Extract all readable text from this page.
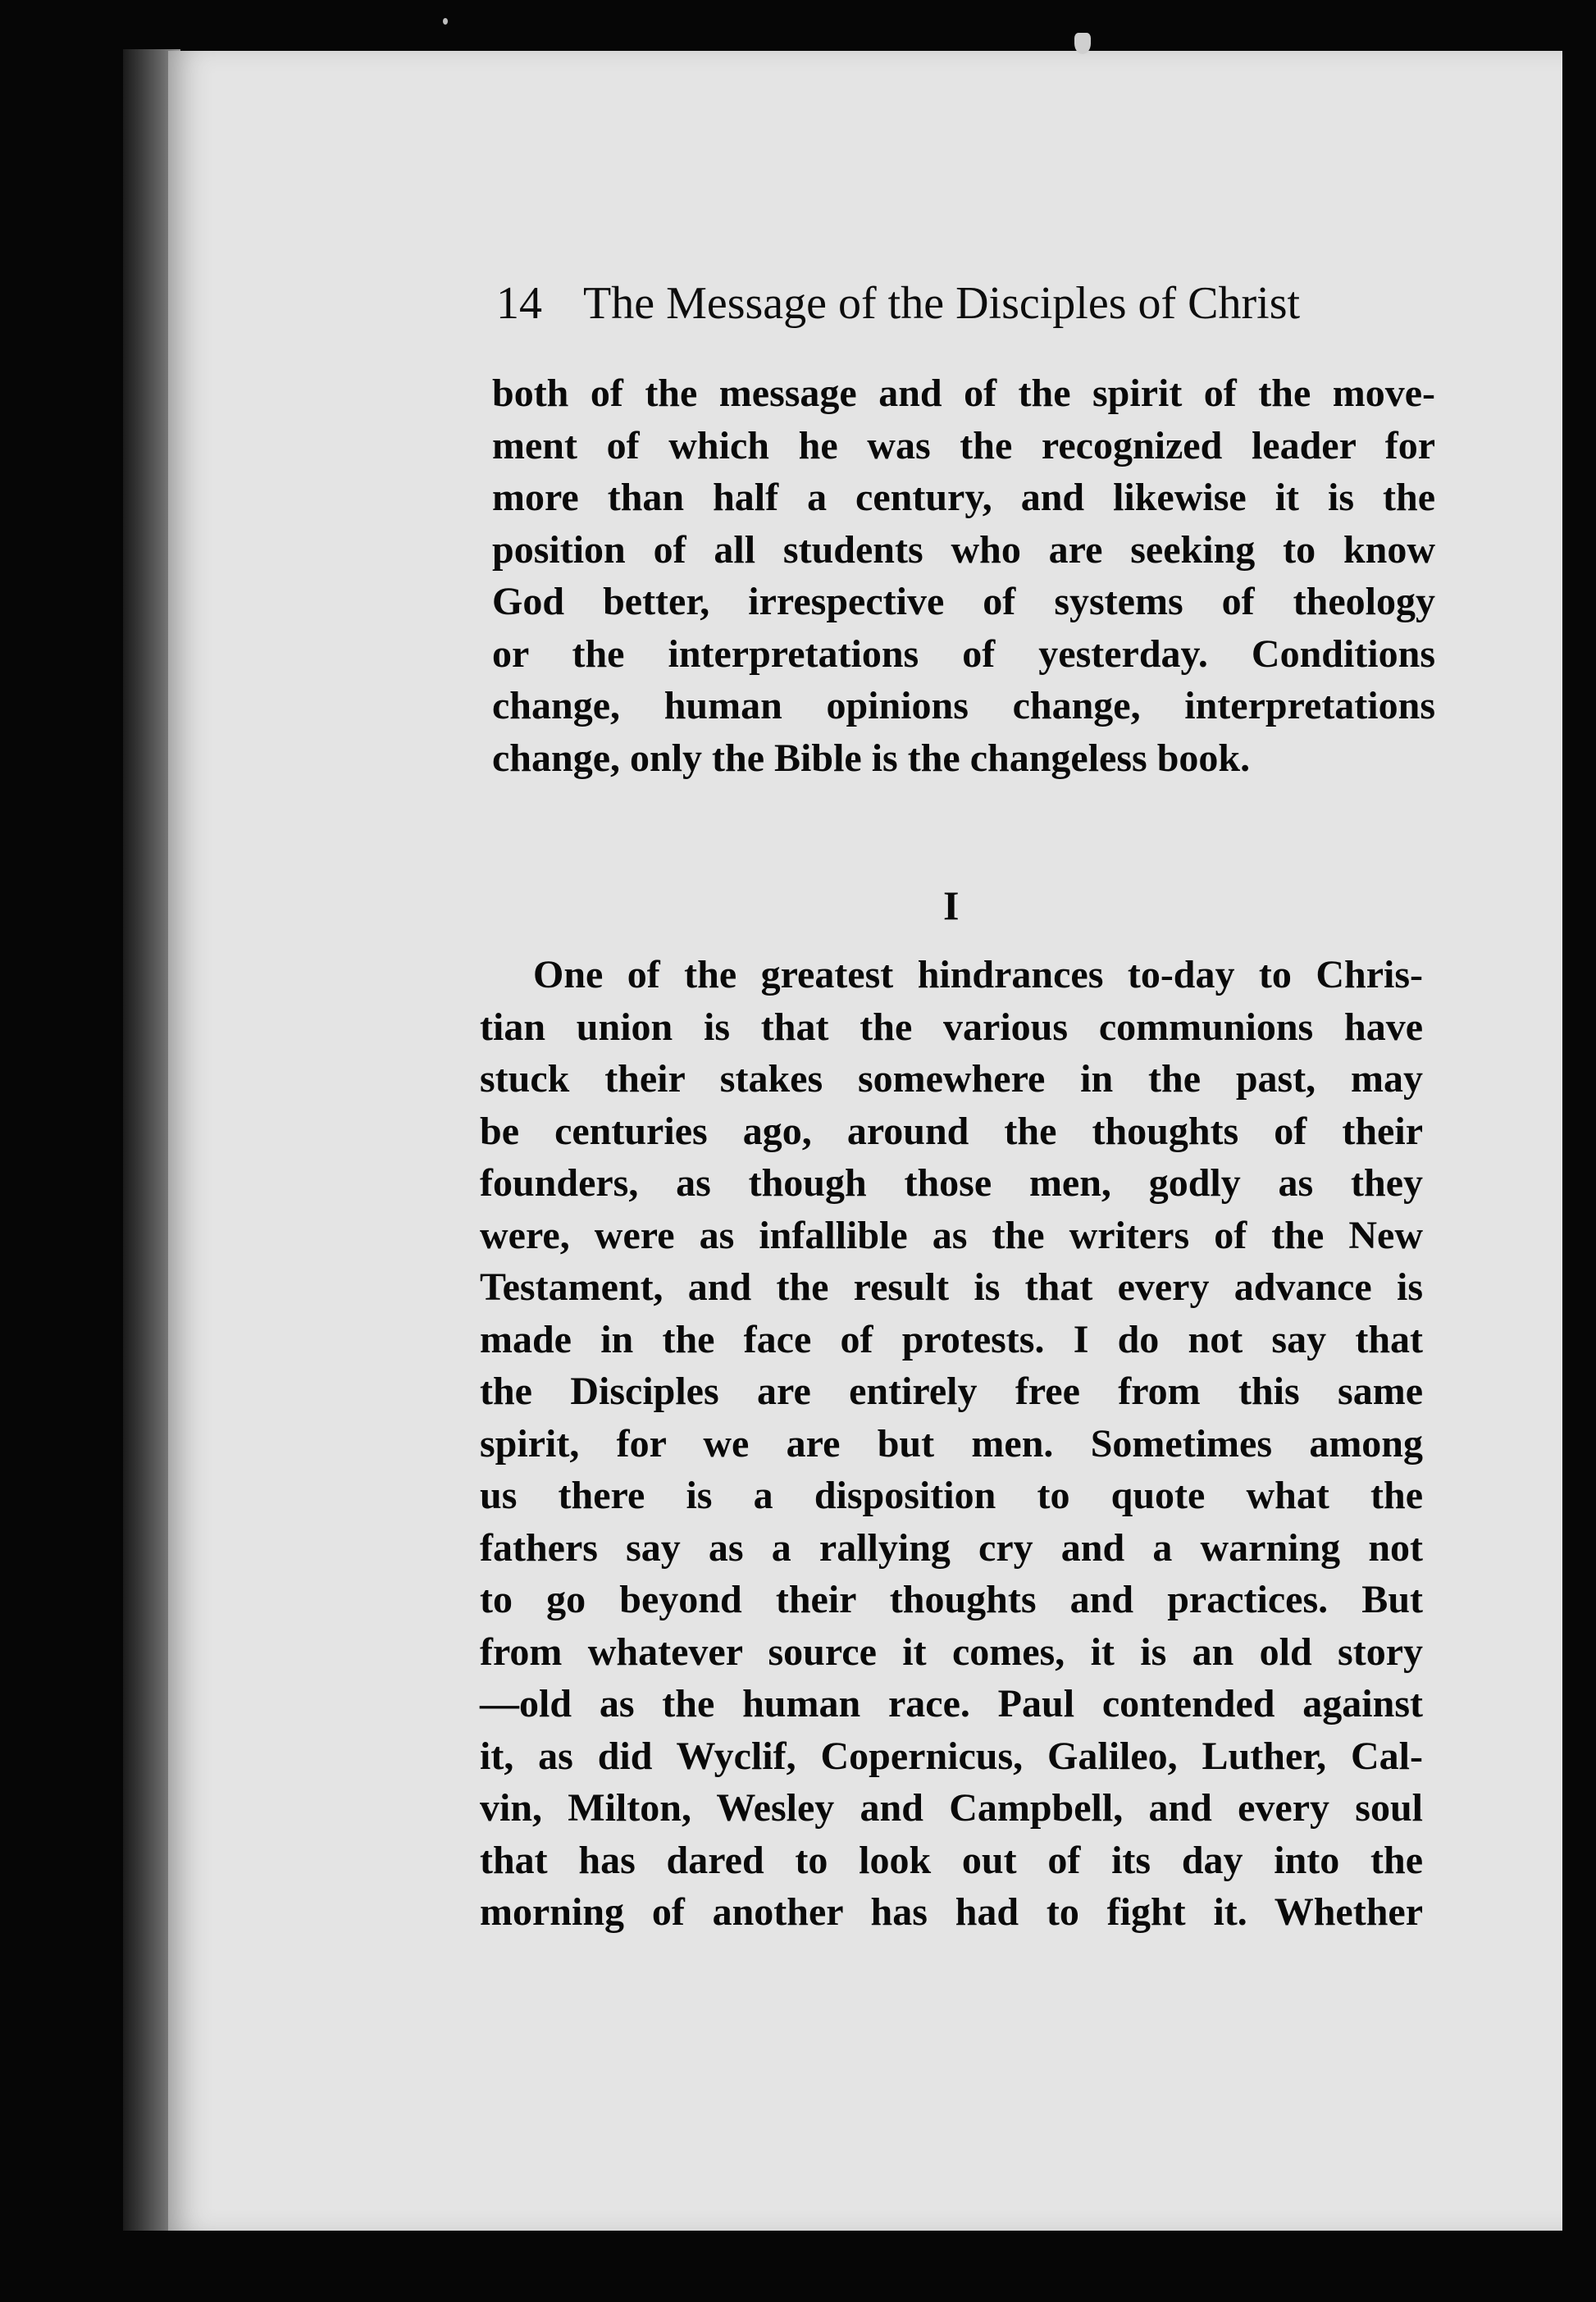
14 The Message of the Disciples of Christ
both of the message and of the spirit of the move-
ment of which he was the recognized leader for
more than half a century, and likewise it is the
position of all students who are seeking to know
God better, irrespective of systems of theology
or the interpretations of yesterday. Conditions
change, human opinions change, interpretations
change, only the Bible is the changeless book.
I
One of the greatest hindrances to-day to Chris-
tian union is that the various communions have
stuck their stakes somewhere in the past, may
be centuries ago, around the thoughts of their
founders, as though those men, godly as they
were, were as infallible as the writers of the New
Testament, and the result is that every advance is
made in the face of protests. I do not say that
the Disciples are entirely free from this same
spirit, for we are but men. Sometimes among
us there is a disposition to quote what the
fathers say as a rallying cry and a warning not
to go beyond their thoughts and practices. But
from whatever source it comes, it is an old story
—old as the human race. Paul contended against
it, as did Wyclif, Copernicus, Galileo, Luther, Cal-
vin, Milton, Wesley and Campbell, and every soul
that has dared to look out of its day into the
morning of another has had to fight it. Whether
